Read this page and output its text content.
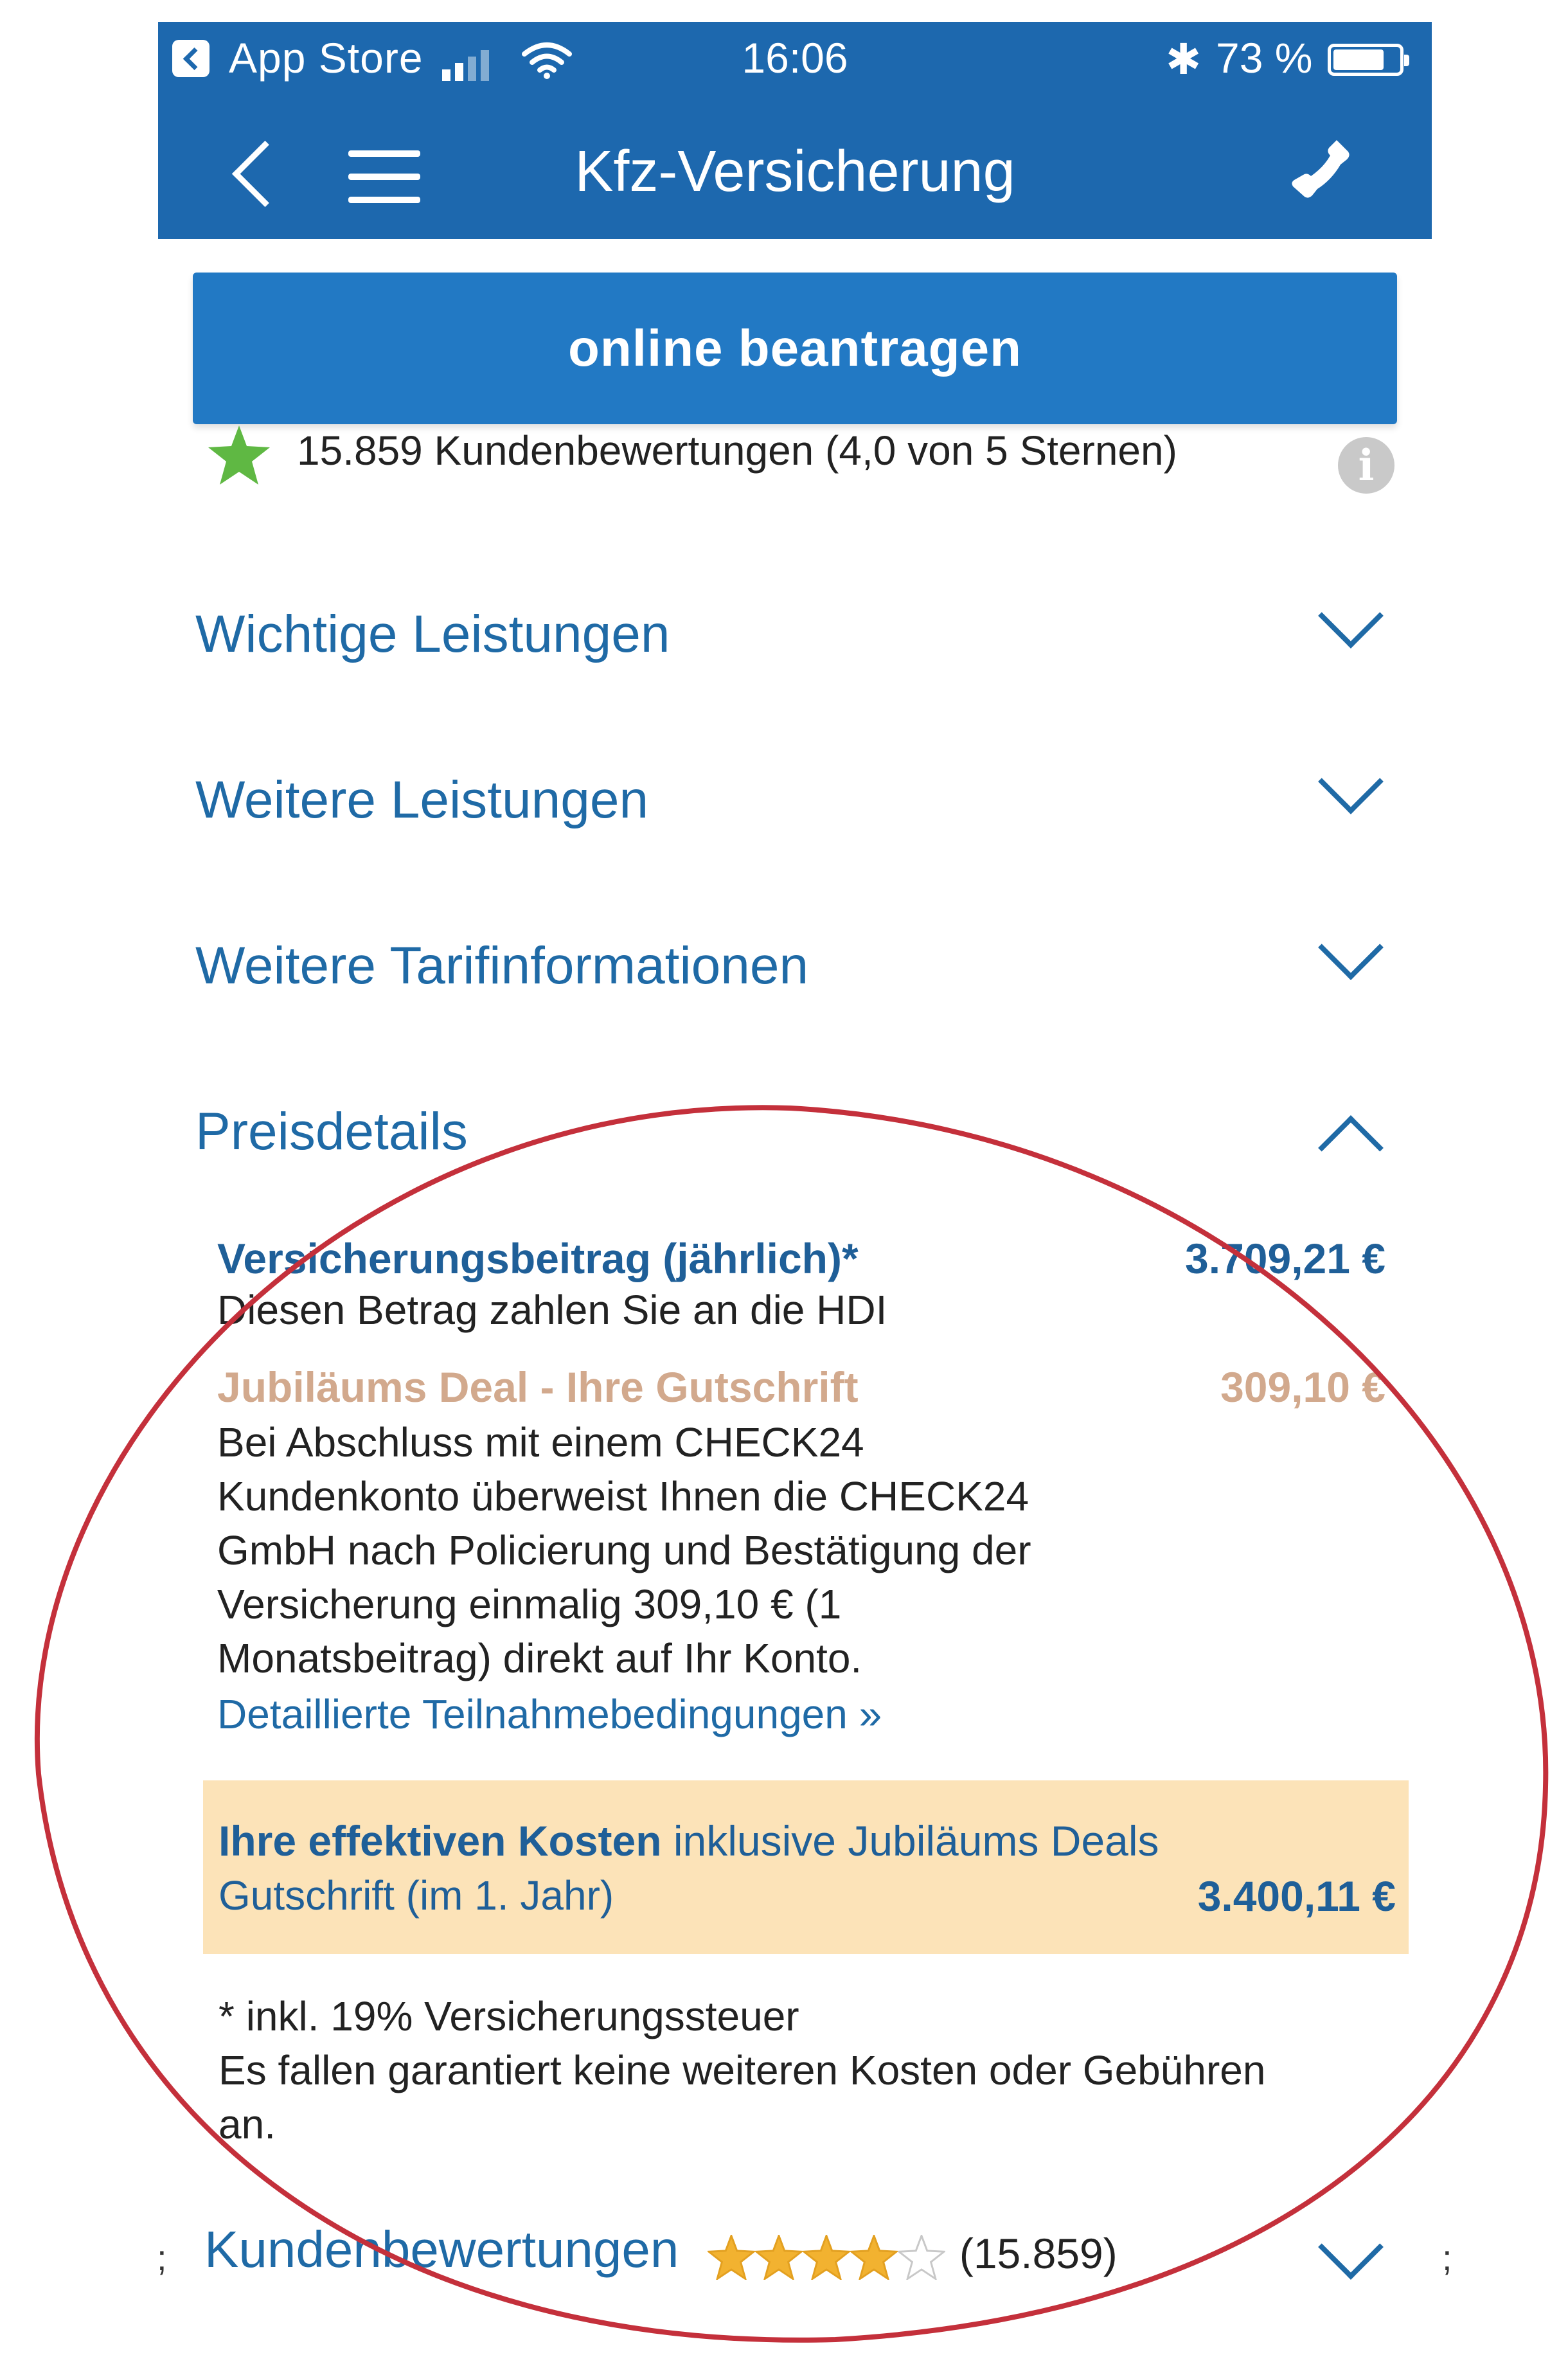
App Store	16:06	✱ 73 %
Kfz-Versicherung
online beantragen
15.859 Kundenbewertungen (4,0 von 5 Sternen)	i
Wichtige Leistungen
Weitere Leistungen
Weitere Tarifinformationen
Preisdetails
Versicherungsbeitrag (jährlich)*	3.709,21 €
Diesen Betrag zahlen Sie an die HDI
Jubiläums Deal - Ihre Gutschrift	309,10 €
Bei Abschluss mit einem CHECK24
Kundenkonto überweist Ihnen die CHECK24
GmbH nach Policierung und Bestätigung der
Versicherung einmalig 309,10 € (1
Monatsbeitrag) direkt auf Ihr Konto.
Detaillierte Teilnahmebedingungen »
Ihre effektiven Kosten inklusive Jubiläums Deals
Gutschrift (im 1. Jahr)	3.400,11 €
* inkl. 19% Versicherungssteuer
Es fallen garantiert keine weiteren Kosten oder Gebühren
an.
Kundenbewertungen	(15.859)
;	;
